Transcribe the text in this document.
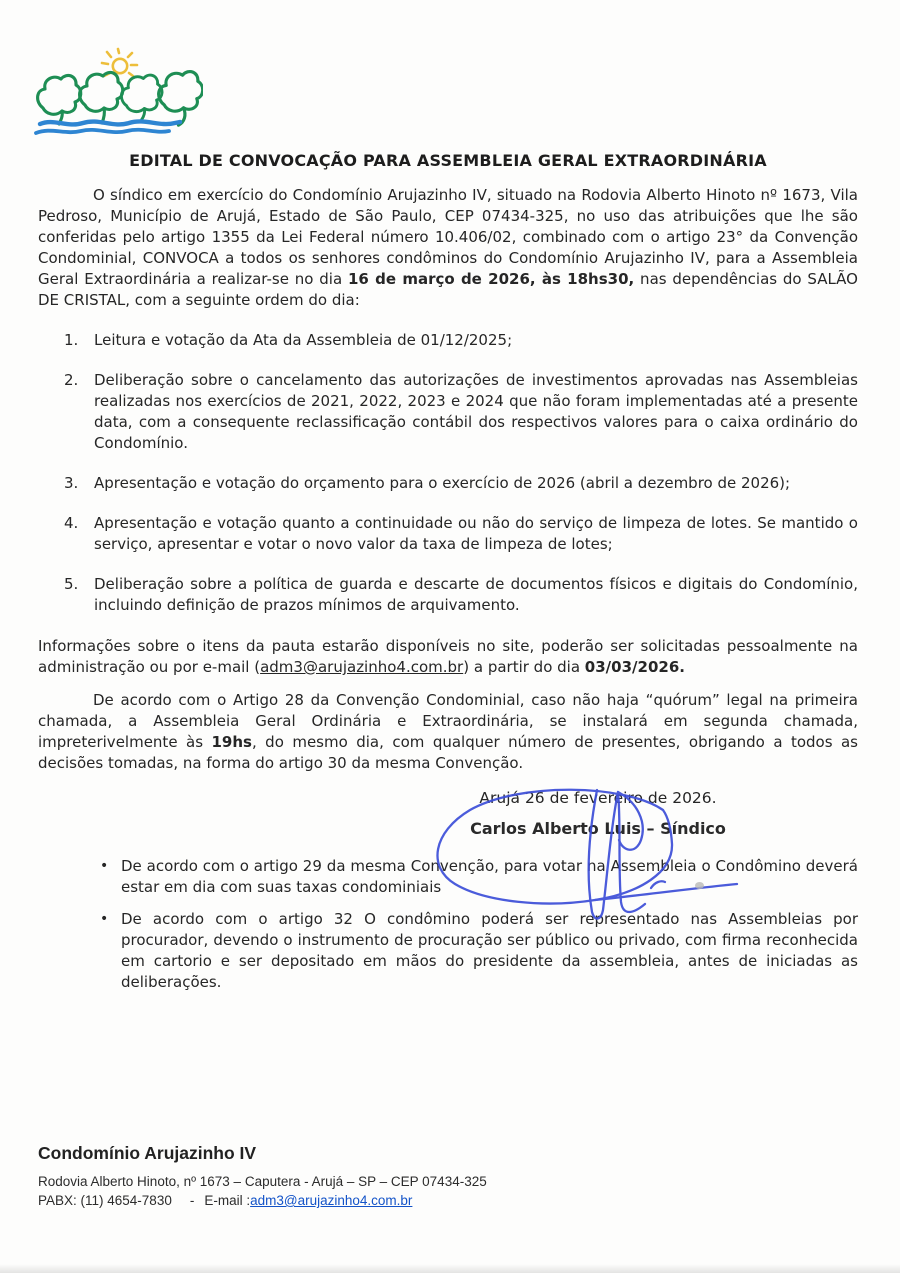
EDITAL DE CONVOCAÇÃO PARA ASSEMBLEIA GERAL EXTRAORDINÁRIA

O síndico em exercício do Condomínio Arujazinho IV, situado na Rodovia Alberto Hinoto nº 1673, Vila Pedroso, Município de Arujá, Estado de São Paulo, CEP 07434-325, no uso das atribuições que lhe são conferidas pelo artigo 1355 da Lei Federal número 10.406/02, combinado com o artigo 23° da Convenção Condominial, CONVOCA a todos os senhores condôminos do Condomínio Arujazinho IV, para a Assembleia Geral Extraordinária a realizar-se no dia 16 de março de 2026, às 18hs30, nas dependências do SALÃO DE CRISTAL, com a seguinte ordem do dia:

Leitura e votação da Ata da Assembleia de 01/12/2025;
Deliberação sobre o cancelamento das autorizações de investimentos aprovadas nas Assembleias realizadas nos exercícios de 2021, 2022, 2023 e 2024 que não foram implementadas até a presente data, com a consequente reclassificação contábil dos respectivos valores para o caixa ordinário do Condomínio.
Apresentação e votação do orçamento para o exercício de 2026 (abril a dezembro de 2026);
Apresentação e votação quanto a continuidade ou não do serviço de limpeza de lotes. Se mantido o serviço, apresentar e votar o novo valor da taxa de limpeza de lotes;
Deliberação sobre a política de guarda e descarte de documentos físicos e digitais do Condomínio, incluindo definição de prazos mínimos de arquivamento.

Informações sobre o itens da pauta estarão disponíveis no site, poderão ser solicitadas pessoalmente na administração ou por e-mail (adm3@arujazinho4.com.br) a partir do dia 03/03/2026.

De acordo com o Artigo 28 da Convenção Condominial, caso não haja “quórum” legal na primeira chamada, a Assembleia Geral Ordinária e Extraordinária, se instalará em segunda chamada, impreterivelmente às 19hs, do mesmo dia, com qualquer número de presentes, obrigando a todos as decisões tomadas, na forma do artigo 30 da mesma Convenção.

Arujá 26 de fevereiro de 2026.
Carlos Alberto Luis – Síndico
• De acordo com o artigo 29 da mesma Convenção, para votar na Assembleia o Condômino deverá estar em dia com suas taxas condominiais
• De acordo com o artigo 32 O condômino poderá ser representado nas Assembleias por procurador, devendo o instrumento de procuração ser público ou privado, com firma reconhecida em cartorio e ser depositado em mãos do presidente da assembleia, antes de iniciadas as deliberações.
Condomínio Arujazinho IV
Rodovia Alberto Hinoto, nº 1673 – Caputera - Arujá – SP – CEP 07434-325
PABX: (11) 4654-7830 - E-mail :adm3@arujazinho4.com.br
